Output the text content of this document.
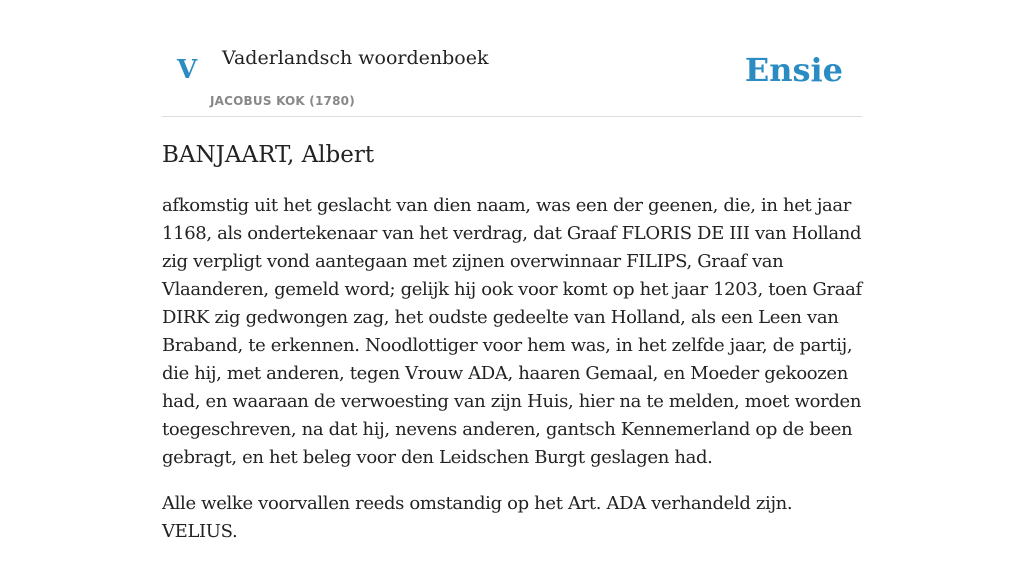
V Vaderlandsch woordenboek
JACOBUS KOK (1780)
Ensie
BANJAART, Albert

afkomstig uit het geslacht van dien naam, was een der geenen, die, in het jaar 1168, als ondertekenaar van het verdrag, dat Graaf FLORIS DE III van Holland zig verpligt vond aantegaan met zijnen overwinnaar FILIPS, Graaf van Vlaanderen, gemeld word; gelijk hij ook voor komt op het jaar 1203, toen Graaf DIRK zig gedwongen zag, het oudste gedeelte van Holland, als een Leen van Braband, te erkennen. Noodlottiger voor hem was, in het zelfde jaar, de partij, die hij, met anderen, tegen Vrouw ADA, haaren Gemaal, en Moeder gekoozen had, en waaraan de verwoesting van zijn Huis, hier na te melden, moet worden toegeschreven, na dat hij, nevens anderen, gantsch Kennemerland op de been gebragt, en het beleg voor den Leidschen Burgt geslagen had.

Alle welke voorvallen reeds omstandig op het Art. ADA verhandeld zijn. VELIUS.
